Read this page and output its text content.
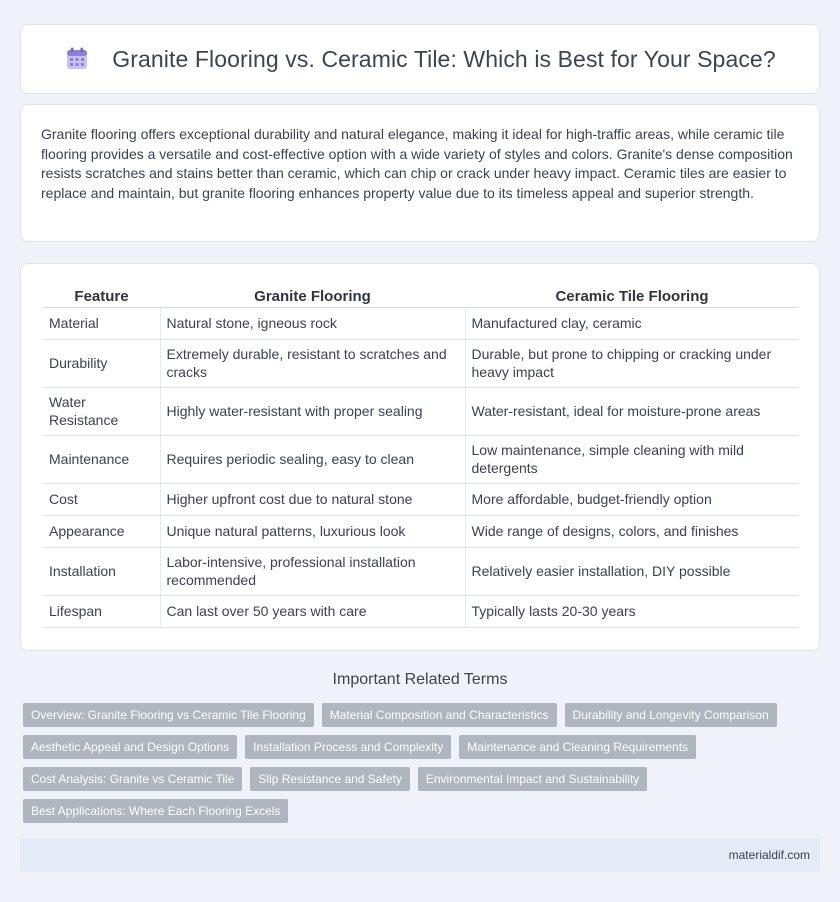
Granite Flooring vs. Ceramic Tile: Which is Best for Your Space?

Granite flooring offers exceptional durability and natural elegance, making it ideal for high-traffic areas, while ceramic tile flooring provides a versatile and cost-effective option with a wide variety of styles and colors. Granite's dense composition resists scratches and stains better than ceramic, which can chip or crack under heavy impact. Ceramic tiles are easier to replace and maintain, but granite flooring enhances property value due to its timeless appeal and superior strength.

Feature	Granite Flooring	Ceramic Tile Flooring
Material	Natural stone, igneous rock	Manufactured clay, ceramic
Durability	Extremely durable, resistant to scratches and cracks	Durable, but prone to chipping or cracking under heavy impact
Water Resistance	Highly water-resistant with proper sealing	Water-resistant, ideal for moisture-prone areas
Maintenance	Requires periodic sealing, easy to clean	Low maintenance, simple cleaning with mild detergents
Cost	Higher upfront cost due to natural stone	More affordable, budget-friendly option
Appearance	Unique natural patterns, luxurious look	Wide range of designs, colors, and finishes
Installation	Labor-intensive, professional installation recommended	Relatively easier installation, DIY possible
Lifespan	Can last over 50 years with care	Typically lasts 20-30 years
Important Related Terms
Overview: Granite Flooring vs Ceramic Tile Flooring	Material Composition and Characteristics	Durability and Longevity Comparison
Aesthetic Appeal and Design Options	Installation Process and Complexity	Maintenance and Cleaning Requirements
Cost Analysis: Granite vs Ceramic Tile	Slip Resistance and Safety	Environmental Impact and Sustainability
Best Applications: Where Each Flooring Excels
materialdif.com
